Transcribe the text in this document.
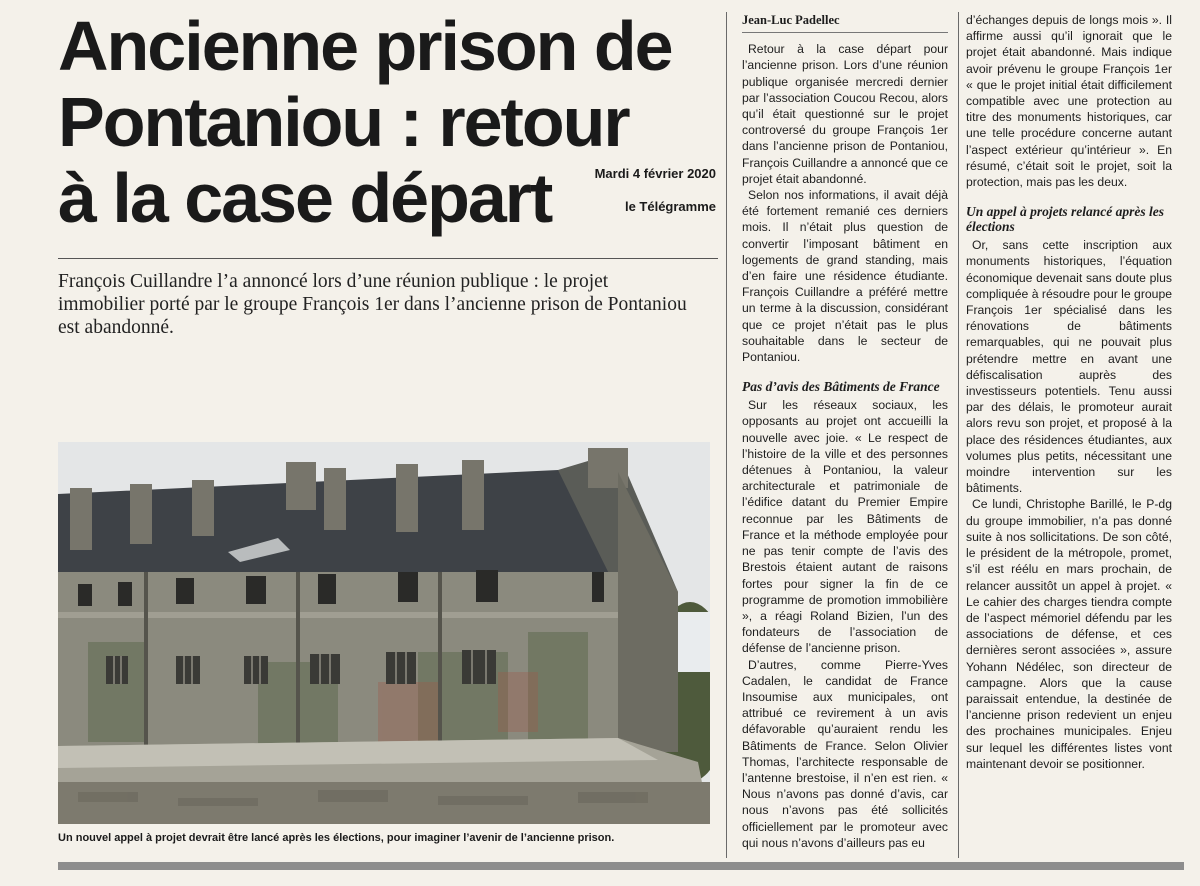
Ancienne prison de
Pontaniou : retour
à la case départ	Mardi 4 février 2020
le Télégramme
François Cuillandre l’a annoncé lors d’une réunion publique : le projet immobilier porté par le groupe François 1er dans l’ancienne prison de Pontaniou est abandonné.
Un nouvel appel à projet devrait être lancé après les élections, pour imaginer l’avenir de l’ancienne prison.

Jean-Luc Padellec

Retour à la case départ pour l’ancienne prison. Lors d’une réunion publique organisée mercredi dernier par l’association Coucou Recou, alors qu’il était questionné sur le projet controversé du groupe François 1er dans l’ancienne prison de Pontaniou, François Cuillandre a annoncé que ce projet était abandonné.

Selon nos informations, il avait déjà été fortement remanié ces derniers mois. Il n’était plus question de convertir l’imposant bâtiment en logements de grand standing, mais d’en faire une résidence étudiante. François Cuillandre a préféré mettre un terme à la discussion, considérant que ce projet n’était pas le plus souhaitable dans le secteur de Pontaniou.

Pas d’avis des Bâtiments de France

Sur les réseaux sociaux, les opposants au projet ont accueilli la nouvelle avec joie. « Le respect de l’histoire de la ville et des personnes détenues à Pontaniou, la valeur architecturale et patrimoniale de l’édifice datant du Premier Empire reconnue par les Bâtiments de France et la méthode employée pour ne pas tenir compte de l’avis des Brestois étaient autant de raisons fortes pour signer la fin de ce programme de promotion immobilière », a réagi Roland Bizien, l’un des fondateurs de l’association de défense de l’ancienne prison.

D’autres, comme Pierre-Yves Cadalen, le candidat de France Insoumise aux municipales, ont attribué ce revirement à un avis défavorable qu’auraient rendu les Bâtiments de France. Selon Olivier Thomas, l’architecte responsable de l’antenne brestoise, il n’en est rien. « Nous n’avons pas donné d’avis, car nous n’avons pas été sollicités officiellement par le promoteur avec qui nous n’avons d’ailleurs pas eu

d’échanges depuis de longs mois ». Il affirme aussi qu’il ignorait que le projet était abandonné. Mais indique avoir prévenu le groupe François 1er « que le projet initial était difficilement compatible avec une protection au titre des monuments historiques, car une telle procédure concerne autant l’aspect extérieur qu’intérieur ». En résumé, c’était soit le projet, soit la protection, mais pas les deux.

Un appel à projets relancé après les élections

Or, sans cette inscription aux monuments historiques, l’équation économique devenait sans doute plus compliquée à résoudre pour le groupe François 1er spécialisé dans les rénovations de bâtiments remarquables, qui ne pouvait plus prétendre mettre en avant une défiscalisation auprès des investisseurs potentiels. Tenu aussi par des délais, le promoteur aurait alors revu son projet, et proposé à la place des résidences étudiantes, aux volumes plus petits, nécessitant une moindre intervention sur les bâtiments.

Ce lundi, Christophe Barillé, le P-dg du groupe immobilier, n’a pas donné suite à nos sollicitations. De son côté, le président de la métropole, promet, s’il est réélu en mars prochain, de relancer aussitôt un appel à projet. « Le cahier des charges tiendra compte de l’aspect mémoriel défendu par les associations de défense, et ces dernières seront associées », assure Yohann Nédélec, son directeur de campagne. Alors que la cause paraissait entendue, la destinée de l’ancienne prison redevient un enjeu des prochaines municipales. Enjeu sur lequel les différentes listes vont maintenant devoir se positionner.
